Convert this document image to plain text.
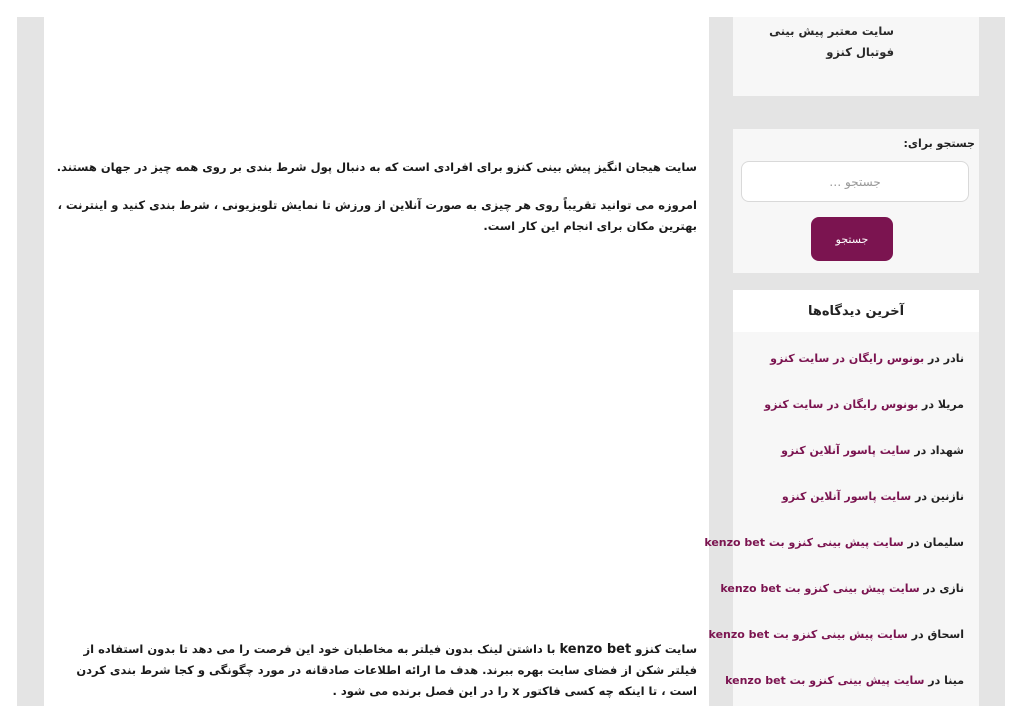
سایت هیجان انگیز پیش بینی کنزو برای افرادی است که به دنبال پول شرط بندی بر روی همه چیز در جهان هستند.

امروزه می توانید تقریباً روی هر چیزی به صورت آنلاین از ورزش تا نمایش تلویزیونی ، شرط بندی کنید و اینترنت ، بهترین مکان برای انجام این کار است.

سایت کنزو kenzo bet با داشتن لینک بدون فیلتر به مخاطبان خود این فرصت را می دهد تا بدون استفاده از فیلتر شکن از فضای سایت بهره ببرند. هدف ما ارائه اطلاعات صادقانه در مورد چگونگی و کجا شرط بندی کردن است ، تا اینکه چه کسی فاکتور x را در این فصل برنده می شود .

سایت معتبر پیش بینی فوتبال کنزو
جستجو برای:
جستجو …
جستجو
آخرین دیدگاه‌ها
نادر در بونوس رایگان در سایت کنزو
مریلا در بونوس رایگان در سایت کنزو
شهداد در سایت پاسور آنلاین کنزو
نازنین در سایت پاسور آنلاین کنزو
سلیمان در سایت پیش بینی کنزو بت kenzo bet
نازی در سایت پیش بینی کنزو بت kenzo bet
اسحاق در سایت پیش بینی کنزو بت kenzo bet
مینا در سایت پیش بینی کنزو بت kenzo bet
